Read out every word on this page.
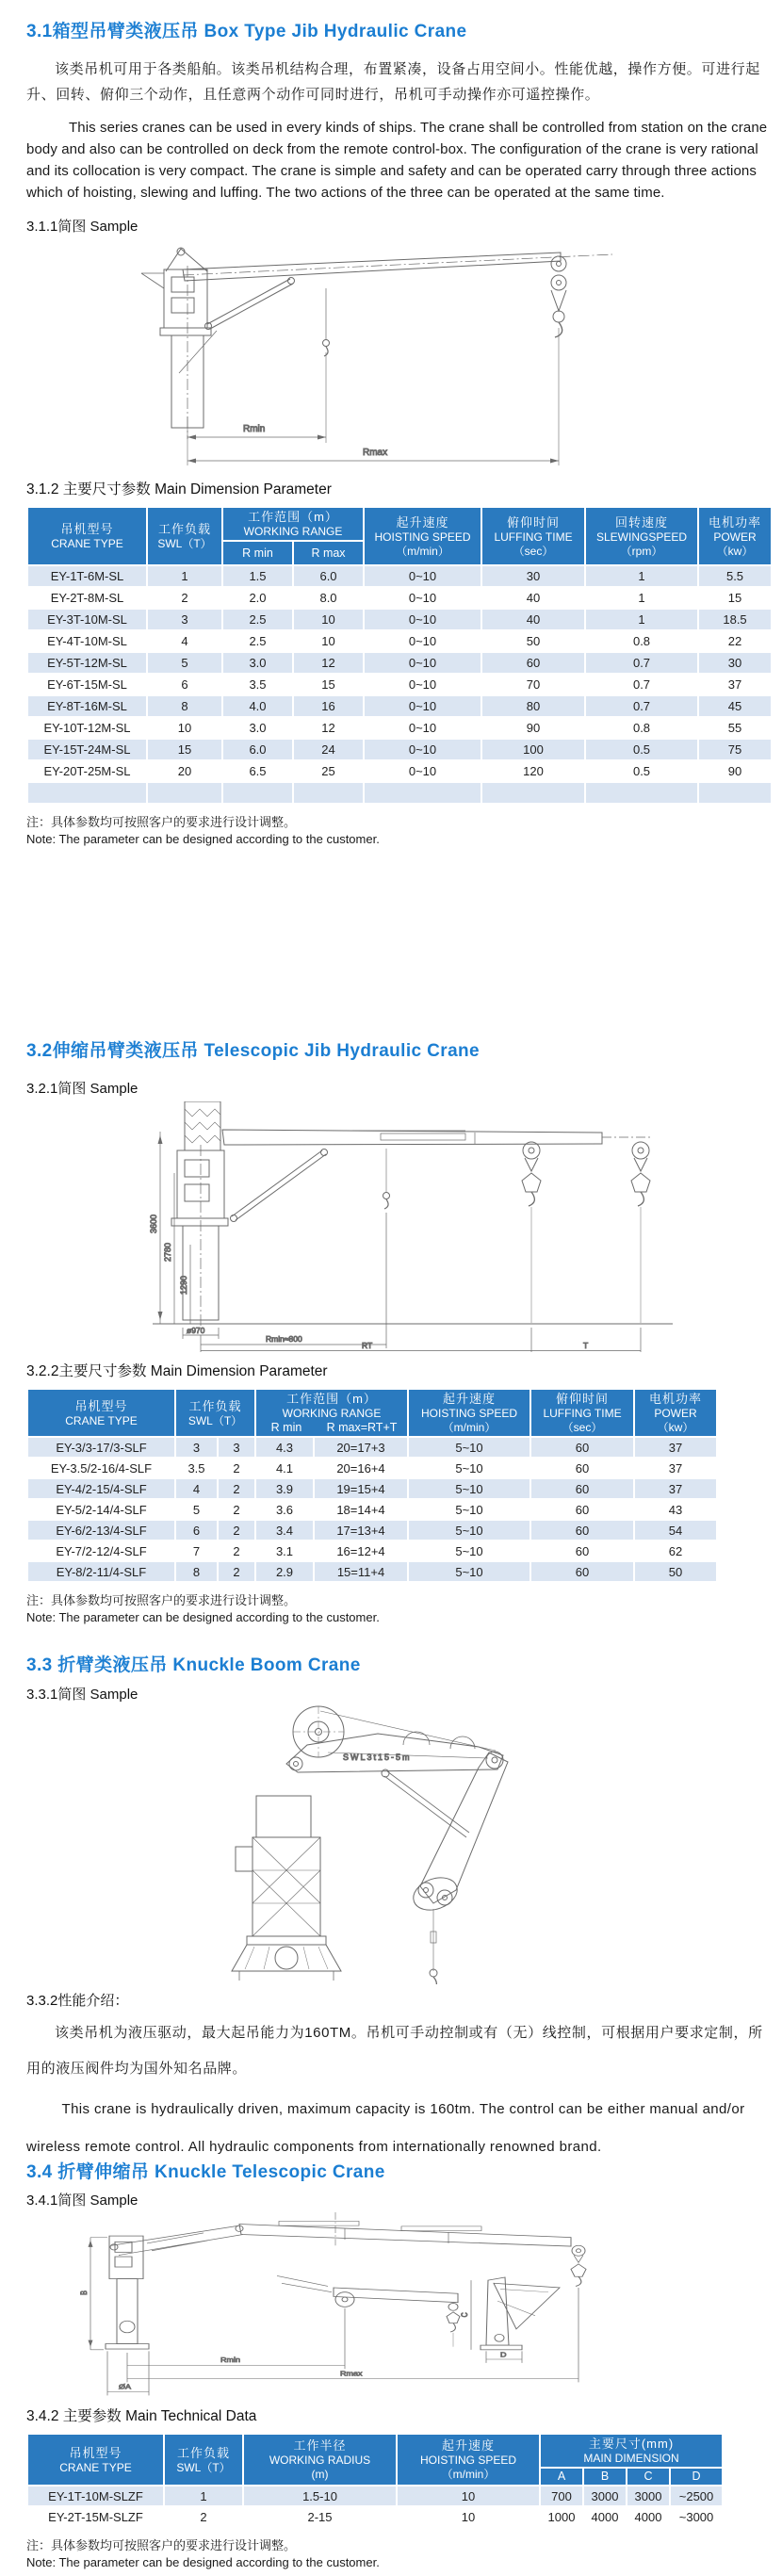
3.1箱型吊臂类液压吊 Box Type Jib Hydraulic Crane

该类吊机可用于各类船舶。该类吊机结构合理，布置紧凑，设备占用空间小。性能优越，操作方便。可进行起升、回转、俯仰三个动作，且任意两个动作可同时进行，吊机可手动操作亦可遥控操作。

This series cranes can be used in every kinds of ships. The crane shall be controlled from station on the crane body and also can be controlled on deck from the remote control-box. The configuration of the crane is very rational and its collocation is very compact. The crane is simple and safety and can be operated carry through three actions which of hoisting, slewing and luffing. The two actions of the three can be operated at the same time.

3.1.1简图 Sample
Rmin
Rmax
3.1.2 主要尺寸参数 Main Dimension Parameter
吊机型号
CRANE TYPE

工作负载
SWL（T）

工作范围（m）
WORKING RANGE

起升速度
HOISTING SPEED
（m/min）

俯仰时间
LUFFING TIME
（sec）

回转速度
SLEWINGSPEED
（rpm）

电机功率
POWER
（kw）

		R min	R max				

EY-1T-6M-SL	1	1.5	6.0	0~10	30	1	5.5
EY-2T-8M-SL	2	2.0	8.0	0~10	40	1	15
EY-3T-10M-SL	3	2.5	10	0~10	40	1	18.5
EY-4T-10M-SL	4	2.5	10	0~10	50	0.8	22
EY-5T-12M-SL	5	3.0	12	0~10	60	0.7	30
EY-6T-15M-SL	6	3.5	15	0~10	70	0.7	37
EY-8T-16M-SL	8	4.0	16	0~10	80	0.7	45
EY-10T-12M-SL	10	3.0	12	0~10	90	0.8	55
EY-15T-24M-SL	15	6.0	24	0~10	100	0.5	75
EY-20T-25M-SL	20	6.5	25	0~10	120	0.5	90

注：具体参数均可按照客户的要求进行设计调整。
Note: The parameter can be designed according to the customer.
3.2伸缩吊臂类液压吊 Telescopic Jib Hydraulic Crane
3.2.1简图 Sample
3600
2780
1290
ø970
Rmin≈800
RT	T
3.2.2主要尺寸参数 Main Dimension Parameter
吊机型号
CRANE TYPE

工作负载
SWL（T）

工作范围（m）
WORKING RANGE
R min	R max=RT+T

起升速度
HOISTING SPEED
（m/min）

俯仰时间
LUFFING TIME
（sec）

电机功率
POWER
（kw）

EY-3/3-17/3-SLF	3	3	4.3	20=17+3	5~10	60	37
EY-3.5/2-16/4-SLF	3.5	2	4.1	20=16+4	5~10	60	37
EY-4/2-15/4-SLF	4	2	3.9	19=15+4	5~10	60	37
EY-5/2-14/4-SLF	5	2	3.6	18=14+4	5~10	60	43
EY-6/2-13/4-SLF	6	2	3.4	17=13+4	5~10	60	54
EY-7/2-12/4-SLF	7	2	3.1	16=12+4	5~10	60	62
EY-8/2-11/4-SLF	8	2	2.9	15=11+4	5~10	60	50
注：具体参数均可按照客户的要求进行设计调整。
Note: The parameter can be designed according to the customer.
3.3 折臂类液压吊 Knuckle Boom Crane
3.3.1简图 Sample
SWL3t15-5m
3.3.2性能介绍：

该类吊机为液压驱动，最大起吊能力为160TM。吊机可手动控制或有（无）线控制，可根据用户要求定制，所用的液压阀件均为国外知名品牌。

This crane is hydraulically driven, maximum capacity is 160tm. The control can be either manual and/or wireless remote control. All hydraulic components from internationally renowned brand.

3.4 折臂伸缩吊 Knuckle Telescopic Crane
3.4.1简图 Sample
B
C
D
Rmin
Rmax
ØA
3.4.2 主要参数 Main Technical Data
吊机型号
CRANE TYPE

工作负载
SWL（T）

工作半径
WORKING RADIUS
(m)

起升速度
HOISTING SPEED
（m/min）

主要尺寸(mm)
MAIN DIMENSION

				A	B	C	D

EY-1T-10M-SLZF	1	1.5-10	10	700	3000	3000	~2500
EY-2T-15M-SLZF	2	2-15	10	1000	4000	4000	~3000
注：具体参数均可按照客户的要求进行设计调整。
Note: The parameter can be designed according to the customer.
